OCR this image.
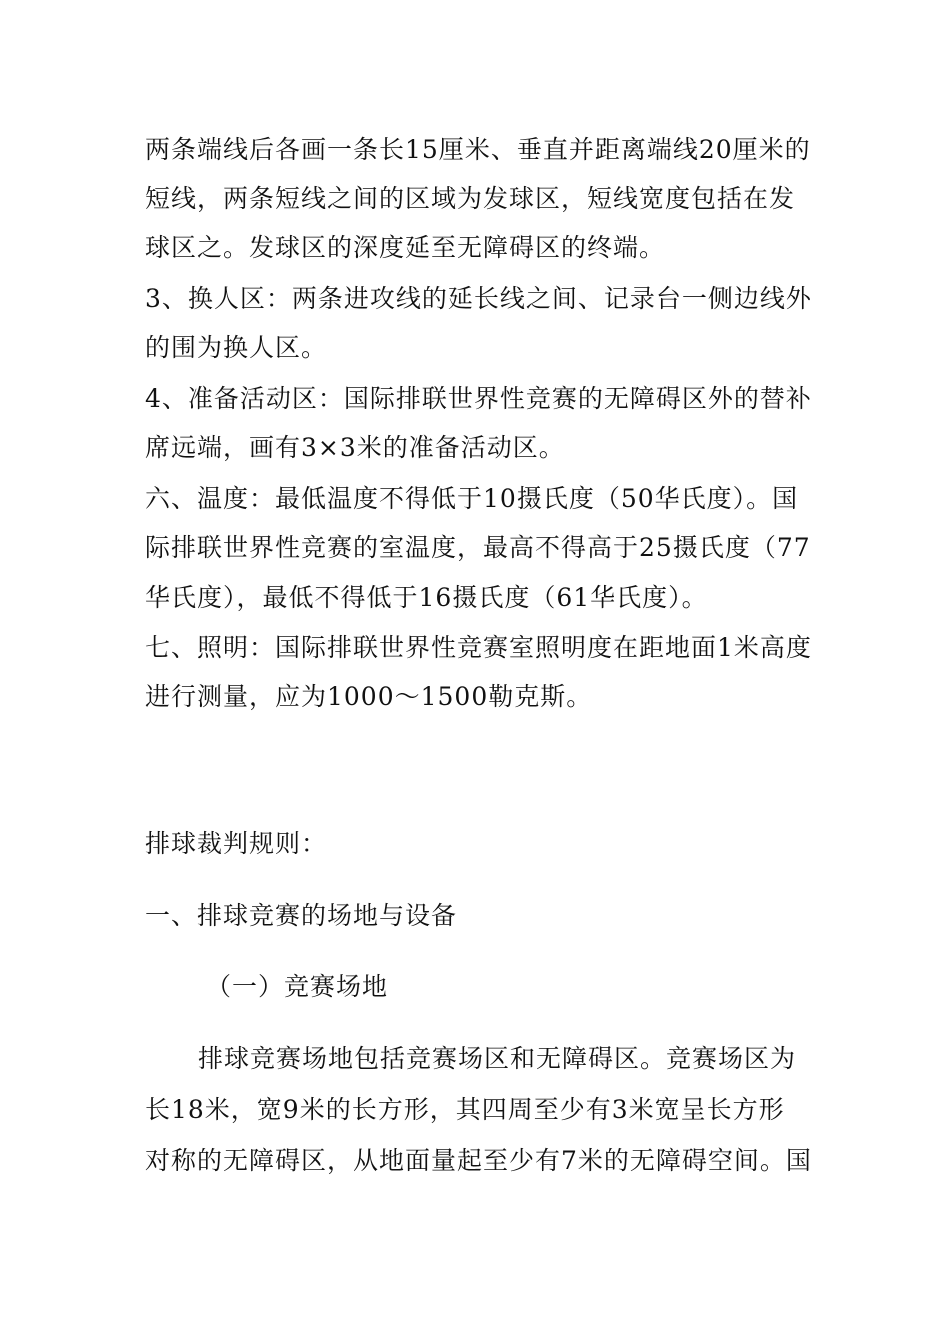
两条端线后各画一条长15厘米、垂直并距离端线20厘米的
短线，两条短线之间的区域为发球区，短线宽度包括在发
球区之。发球区的深度延至无障碍区的终端。
3、换人区：两条进攻线的延长线之间、记录台一侧边线外
的围为换人区。
4、准备活动区：国际排联世界性竞赛的无障碍区外的替补
席远端，画有3×3米的准备活动区。
六、温度：最低温度不得低于10摄氏度（50华氏度）。国
际排联世界性竞赛的室温度，最高不得高于25摄氏度（77
华氏度），最低不得低于16摄氏度（61华氏度）。
七、照明：国际排联世界性竞赛室照明度在距地面1米高度
进行测量，应为1000～1500勒克斯。
排球裁判规则：
一、排球竞赛的场地与设备
（一）竞赛场地
排球竞赛场地包括竞赛场区和无障碍区。竞赛场区为
长18米，宽9米的长方形，其四周至少有3米宽呈长方形
对称的无障碍区，从地面量起至少有7米的无障碍空间。国
